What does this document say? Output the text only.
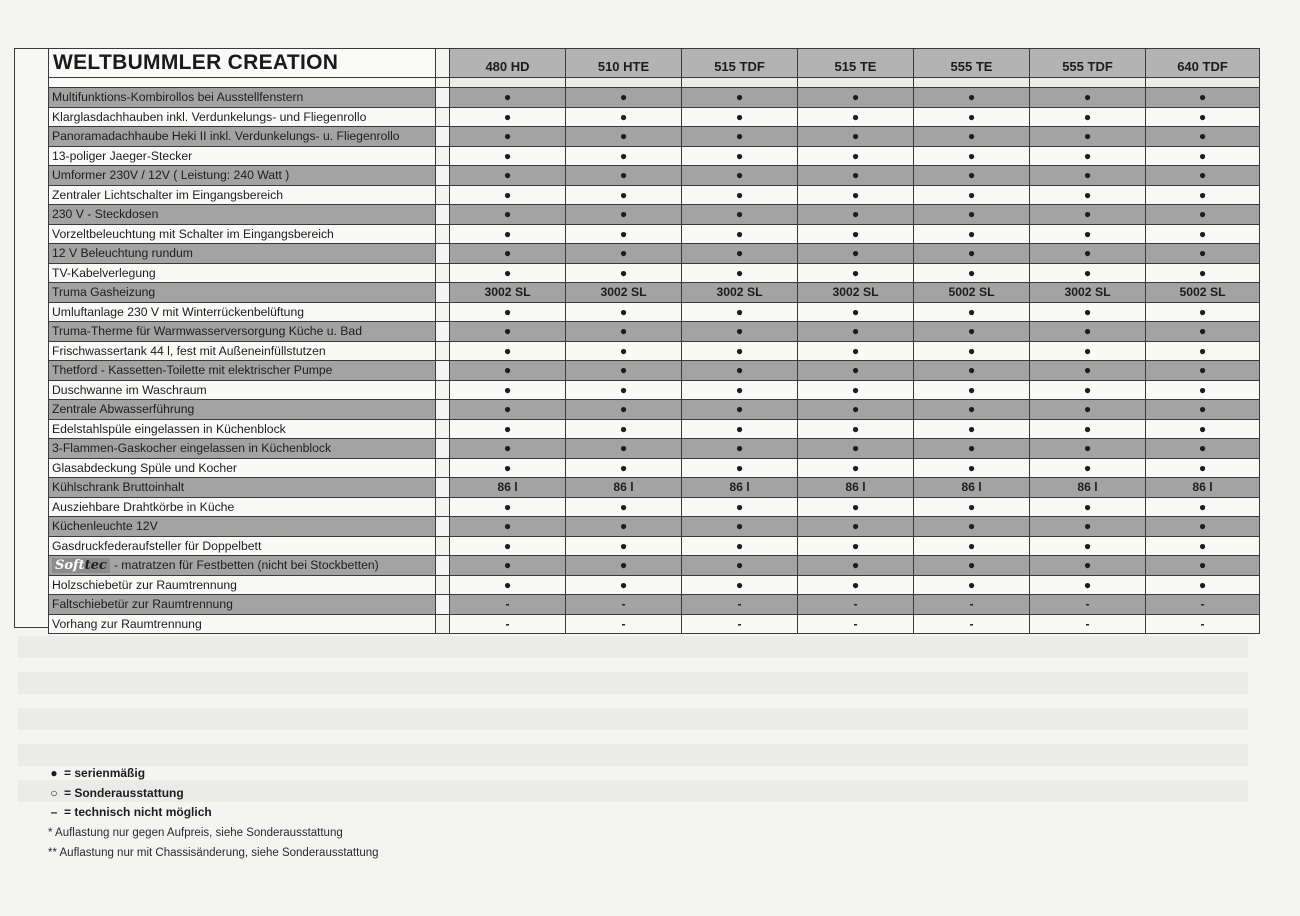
WELTBUMMLER CREATION		480 HD	510 HTE	515 TDF	515 TE	555 TE	555 TDF	640 TDF

Multifunktions-Kombirollos bei Ausstellfenstern		●	●	●	●	●	●	●
Klarglasdachhauben inkl. Verdunkelungs- und Fliegenrollo		●	●	●	●	●	●	●
Panoramadachhaube Heki II inkl. Verdunkelungs- u. Fliegenrollo		●	●	●	●	●	●	●
13-poliger Jaeger-Stecker		●	●	●	●	●	●	●
Umformer 230V / 12V ( Leistung: 240 Watt )		●	●	●	●	●	●	●
Zentraler Lichtschalter im Eingangsbereich		●	●	●	●	●	●	●
230 V - Steckdosen		●	●	●	●	●	●	●
Vorzeltbeleuchtung mit Schalter im Eingangsbereich		●	●	●	●	●	●	●
12 V Beleuchtung rundum		●	●	●	●	●	●	●
TV-Kabelverlegung		●	●	●	●	●	●	●
Truma Gasheizung		3002 SL	3002 SL	3002 SL	3002 SL	5002 SL	3002 SL	5002 SL
Umluftanlage 230 V mit Winterrückenbelüftung		●	●	●	●	●	●	●
Truma-Therme für Warmwasserversorgung Küche u. Bad		●	●	●	●	●	●	●
Frischwassertank 44 l, fest mit Außeneinfüllstutzen		●	●	●	●	●	●	●
Thetford - Kassetten-Toilette mit elektrischer Pumpe		●	●	●	●	●	●	●
Duschwanne im Waschraum		●	●	●	●	●	●	●
Zentrale Abwasserführung		●	●	●	●	●	●	●
Edelstahlspüle eingelassen in Küchenblock		●	●	●	●	●	●	●
3-Flammen-Gaskocher eingelassen in Küchenblock		●	●	●	●	●	●	●
Glasabdeckung Spüle und Kocher		●	●	●	●	●	●	●
Kühlschrank Bruttoinhalt		86 l	86 l	86 l	86 l	86 l	86 l	86 l
Ausziehbare Drahtkörbe in Küche		●	●	●	●	●	●	●
Küchenleuchte 12V		●	●	●	●	●	●	●
Gasdruckfederaufsteller für Doppelbett		●	●	●	●	●	●	●
Softtec - matratzen für Festbetten (nicht bei Stockbetten)		●	●	●	●	●	●	●
Holzschiebetür zur Raumtrennung		●	●	●	●	●	●	●
Faltschiebetür zur Raumtrennung		-	-	-	-	-	-	-
Vorhang zur Raumtrennung		-	-	-	-	-	-	-
● = serienmäßig
○ = Sonderausstattung
– = technisch nicht möglich
* Auflastung nur gegen Aufpreis, siehe Sonderausstattung
** Auflastung nur mit Chassisänderung, siehe Sonderausstattung
